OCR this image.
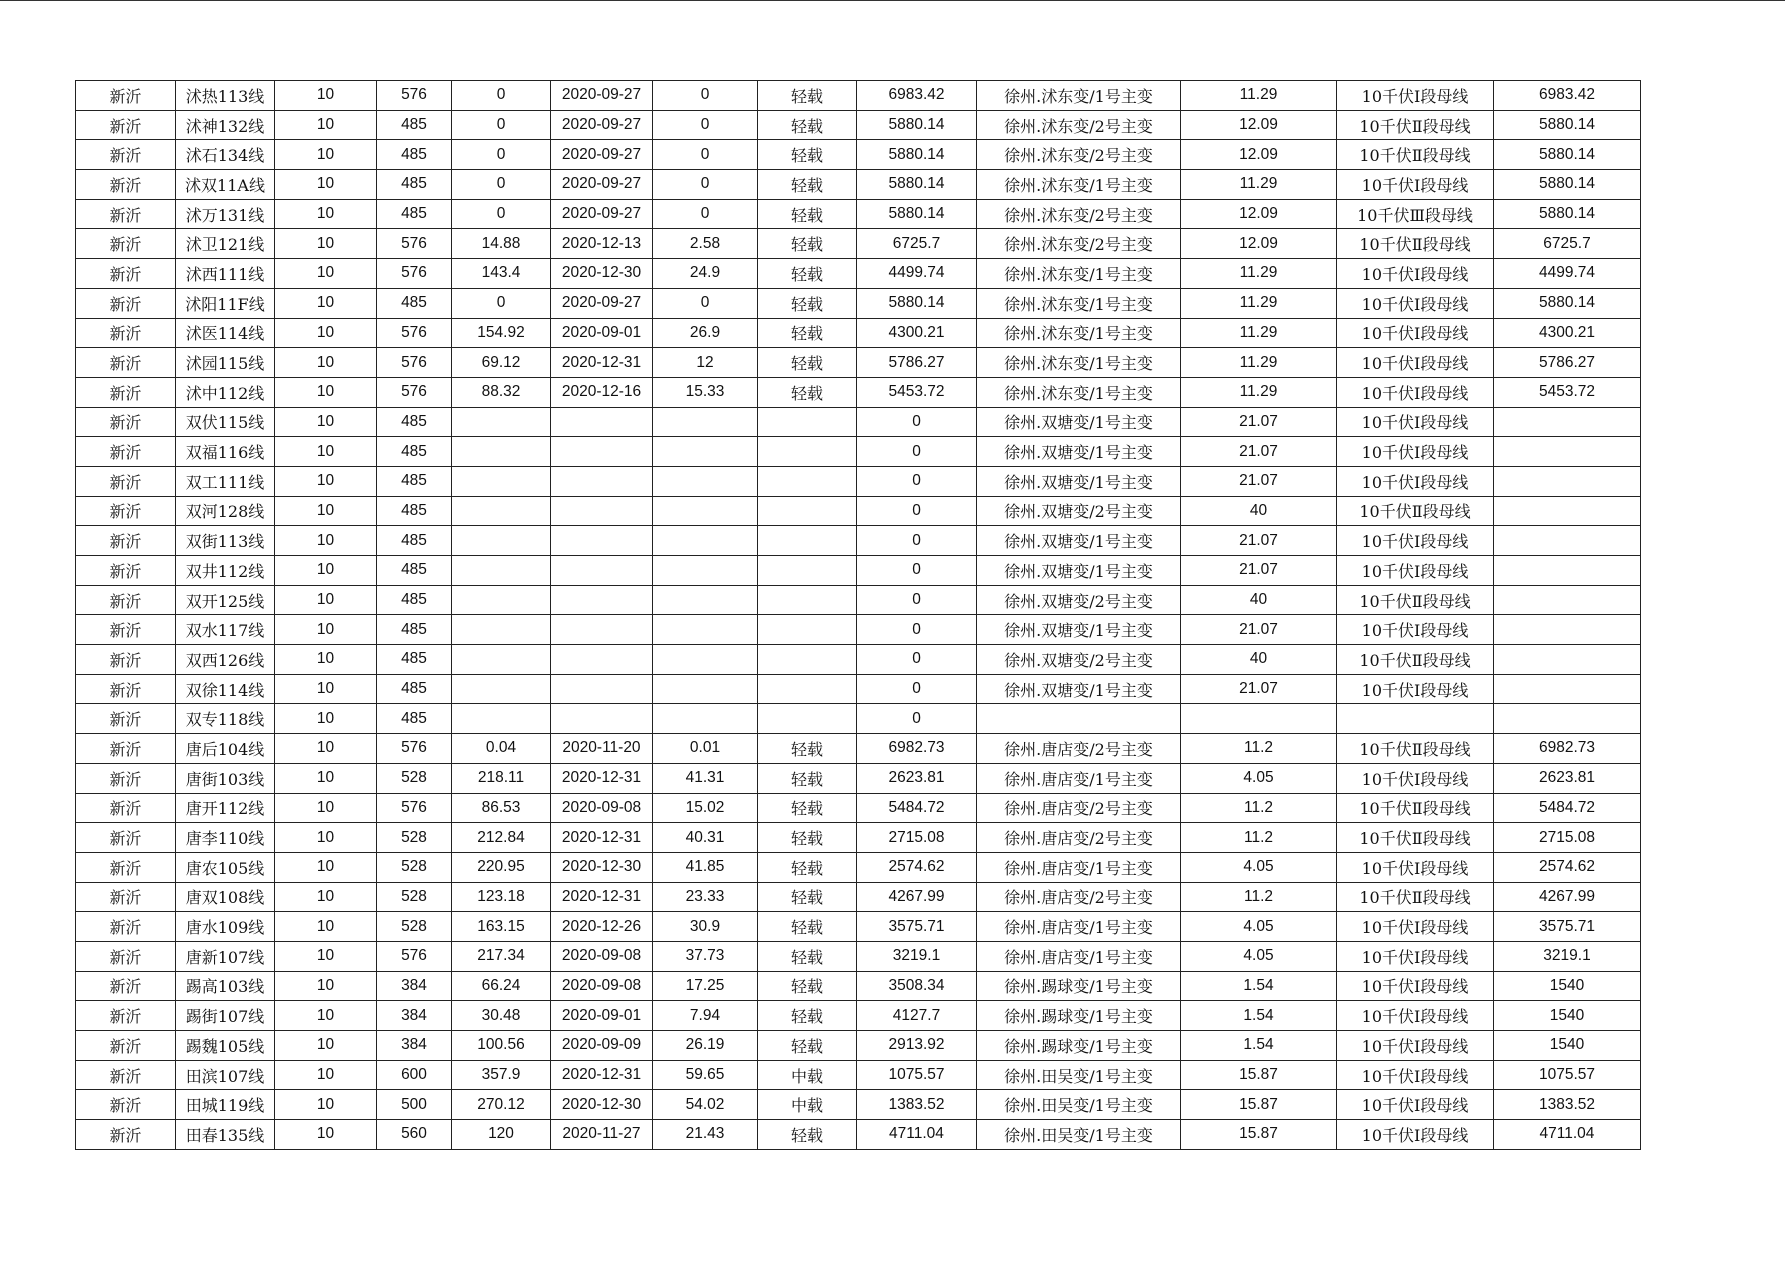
新沂	沭热113线	10	576	0	2020-09-27	0	轻载	6983.42	徐州.沭东变/1号主变	11.29	10千伏Ⅰ段母线	6983.42
新沂	沭神132线	10	485	0	2020-09-27	0	轻载	5880.14	徐州.沭东变/2号主变	12.09	10千伏Ⅱ段母线	5880.14
新沂	沭石134线	10	485	0	2020-09-27	0	轻载	5880.14	徐州.沭东变/2号主变	12.09	10千伏Ⅱ段母线	5880.14
新沂	沭双11A线	10	485	0	2020-09-27	0	轻载	5880.14	徐州.沭东变/1号主变	11.29	10千伏Ⅰ段母线	5880.14
新沂	沭万131线	10	485	0	2020-09-27	0	轻载	5880.14	徐州.沭东变/2号主变	12.09	10千伏Ⅲ段母线	5880.14
新沂	沭卫121线	10	576	14.88	2020-12-13	2.58	轻载	6725.7	徐州.沭东变/2号主变	12.09	10千伏Ⅱ段母线	6725.7
新沂	沭西111线	10	576	143.4	2020-12-30	24.9	轻载	4499.74	徐州.沭东变/1号主变	11.29	10千伏Ⅰ段母线	4499.74
新沂	沭阳11F线	10	485	0	2020-09-27	0	轻载	5880.14	徐州.沭东变/1号主变	11.29	10千伏Ⅰ段母线	5880.14
新沂	沭医114线	10	576	154.92	2020-09-01	26.9	轻载	4300.21	徐州.沭东变/1号主变	11.29	10千伏Ⅰ段母线	4300.21
新沂	沭园115线	10	576	69.12	2020-12-31	12	轻载	5786.27	徐州.沭东变/1号主变	11.29	10千伏Ⅰ段母线	5786.27
新沂	沭中112线	10	576	88.32	2020-12-16	15.33	轻载	5453.72	徐州.沭东变/1号主变	11.29	10千伏Ⅰ段母线	5453.72
新沂	双伏115线	10	485					0	徐州.双塘变/1号主变	21.07	10千伏Ⅰ段母线	
新沂	双福116线	10	485					0	徐州.双塘变/1号主变	21.07	10千伏Ⅰ段母线	
新沂	双工111线	10	485					0	徐州.双塘变/1号主变	21.07	10千伏Ⅰ段母线	
新沂	双河128线	10	485					0	徐州.双塘变/2号主变	40	10千伏Ⅱ段母线	
新沂	双街113线	10	485					0	徐州.双塘变/1号主变	21.07	10千伏Ⅰ段母线	
新沂	双井112线	10	485					0	徐州.双塘变/1号主变	21.07	10千伏Ⅰ段母线	
新沂	双开125线	10	485					0	徐州.双塘变/2号主变	40	10千伏Ⅱ段母线	
新沂	双水117线	10	485					0	徐州.双塘变/1号主变	21.07	10千伏Ⅰ段母线	
新沂	双西126线	10	485					0	徐州.双塘变/2号主变	40	10千伏Ⅱ段母线	
新沂	双徐114线	10	485					0	徐州.双塘变/1号主变	21.07	10千伏Ⅰ段母线	
新沂	双专118线	10	485					0				
新沂	唐后104线	10	576	0.04	2020-11-20	0.01	轻载	6982.73	徐州.唐店变/2号主变	11.2	10千伏Ⅱ段母线	6982.73
新沂	唐街103线	10	528	218.11	2020-12-31	41.31	轻载	2623.81	徐州.唐店变/1号主变	4.05	10千伏Ⅰ段母线	2623.81
新沂	唐开112线	10	576	86.53	2020-09-08	15.02	轻载	5484.72	徐州.唐店变/2号主变	11.2	10千伏Ⅱ段母线	5484.72
新沂	唐李110线	10	528	212.84	2020-12-31	40.31	轻载	2715.08	徐州.唐店变/2号主变	11.2	10千伏Ⅱ段母线	2715.08
新沂	唐农105线	10	528	220.95	2020-12-30	41.85	轻载	2574.62	徐州.唐店变/1号主变	4.05	10千伏Ⅰ段母线	2574.62
新沂	唐双108线	10	528	123.18	2020-12-31	23.33	轻载	4267.99	徐州.唐店变/2号主变	11.2	10千伏Ⅱ段母线	4267.99
新沂	唐水109线	10	528	163.15	2020-12-26	30.9	轻载	3575.71	徐州.唐店变/1号主变	4.05	10千伏Ⅰ段母线	3575.71
新沂	唐新107线	10	576	217.34	2020-09-08	37.73	轻载	3219.1	徐州.唐店变/1号主变	4.05	10千伏Ⅰ段母线	3219.1
新沂	踢高103线	10	384	66.24	2020-09-08	17.25	轻载	3508.34	徐州.踢球变/1号主变	1.54	10千伏Ⅰ段母线	1540
新沂	踢街107线	10	384	30.48	2020-09-01	7.94	轻载	4127.7	徐州.踢球变/1号主变	1.54	10千伏Ⅰ段母线	1540
新沂	踢魏105线	10	384	100.56	2020-09-09	26.19	轻载	2913.92	徐州.踢球变/1号主变	1.54	10千伏Ⅰ段母线	1540
新沂	田滨107线	10	600	357.9	2020-12-31	59.65	中载	1075.57	徐州.田吴变/1号主变	15.87	10千伏Ⅰ段母线	1075.57
新沂	田城119线	10	500	270.12	2020-12-30	54.02	中载	1383.52	徐州.田吴变/1号主变	15.87	10千伏Ⅰ段母线	1383.52
新沂	田春135线	10	560	120	2020-11-27	21.43	轻载	4711.04	徐州.田吴变/1号主变	15.87	10千伏Ⅰ段母线	4711.04
